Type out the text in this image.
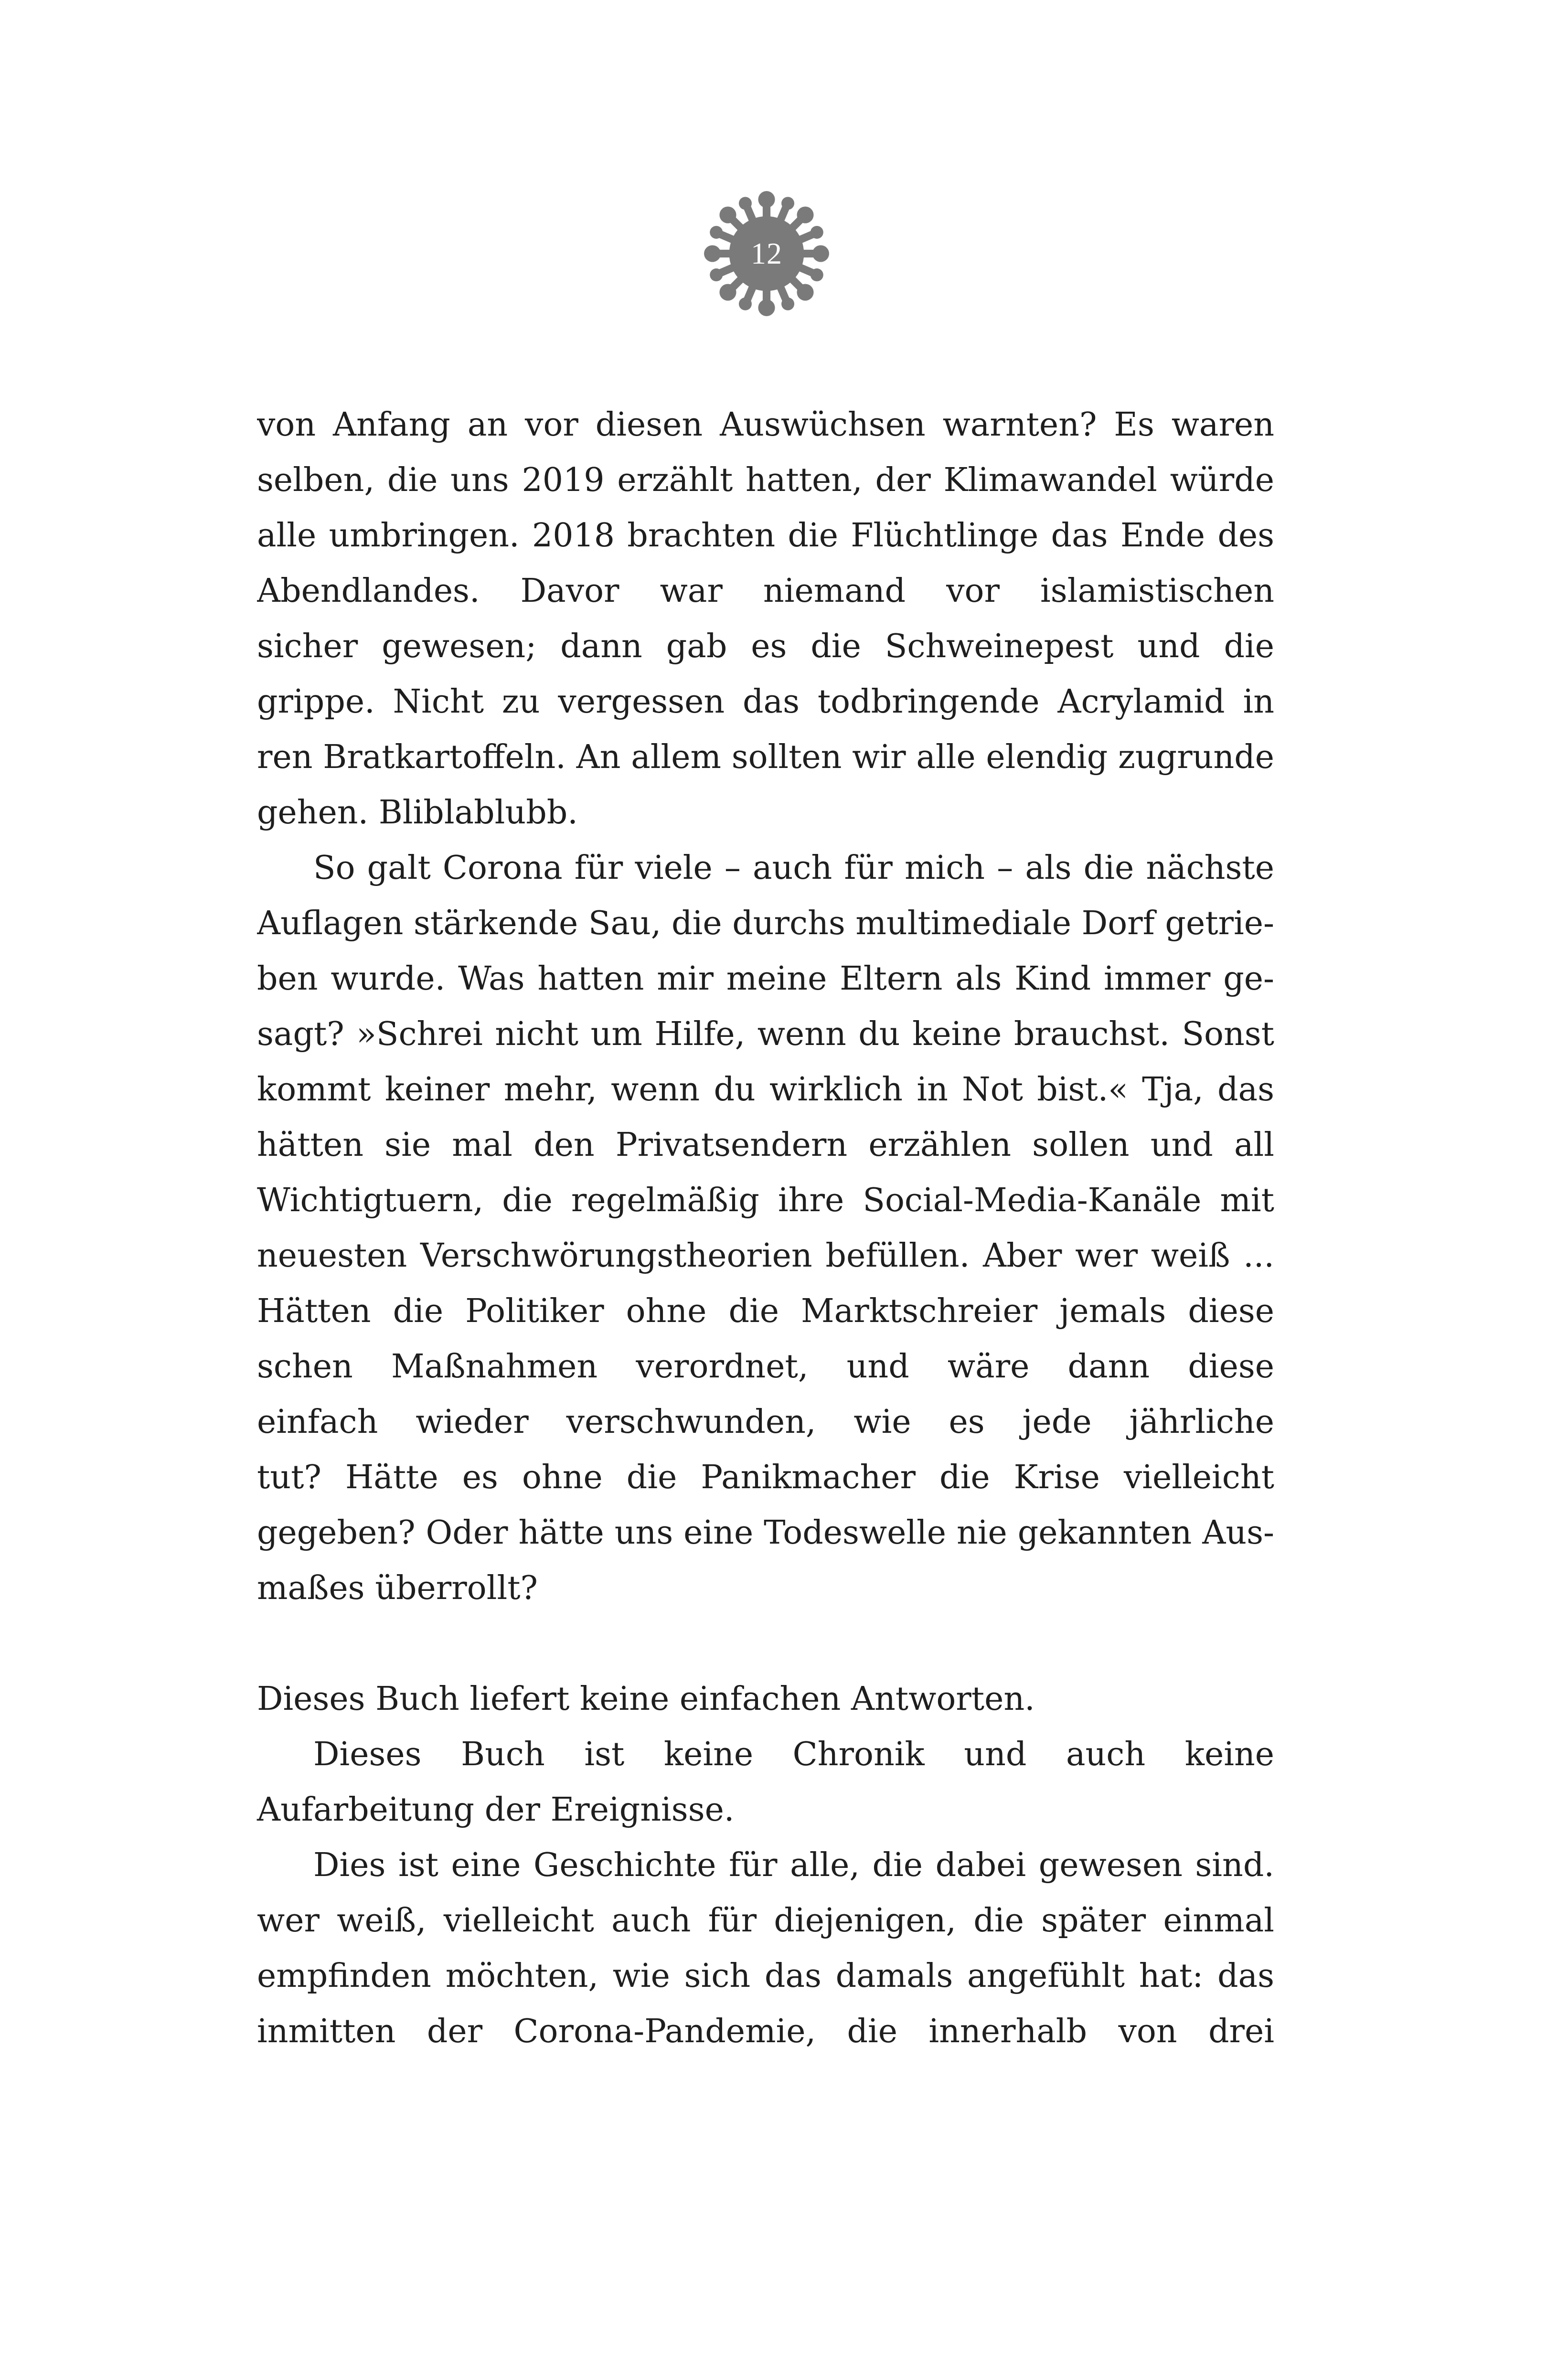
12
von Anfang an vor diesen Auswüchsen warnten? Es waren
selben, die uns 2019 erzählt hatten, der Klimawandel würde
alle umbringen. 2018 brachten die Flüchtlinge das Ende des
Abendlandes. Davor war niemand vor islamistischen
sicher gewesen; dann gab es die Schweinepest und die
grippe. Nicht zu vergessen das todbringende Acrylamid in
ren Bratkartoffeln. An allem sollten wir alle elendig zugrunde
gehen. Bliblablubb.
So galt Corona für viele – auch für mich – als die nächste
Auflagen stärkende Sau, die durchs multimediale Dorf getrie-
ben wurde. Was hatten mir meine Eltern als Kind immer ge-
sagt? »Schrei nicht um Hilfe, wenn du keine brauchst. Sonst
kommt keiner mehr, wenn du wirklich in Not bist.« Tja, das
hätten sie mal den Privatsendern erzählen sollen und all
Wichtigtuern, die regelmäßig ihre Social-Media-Kanäle mit
neuesten Verschwörungstheorien befüllen. Aber wer weiß ...
Hätten die Politiker ohne die Marktschreier jemals diese
schen Maßnahmen verordnet, und wäre dann diese
einfach wieder verschwunden, wie es jede jährliche
tut? Hätte es ohne die Panikmacher die Krise vielleicht
gegeben? Oder hätte uns eine Todeswelle nie gekannten Aus-
maßes überrollt?
Dieses Buch liefert keine einfachen Antworten.
Dieses Buch ist keine Chronik und auch keine
Aufarbeitung der Ereignisse.
Dies ist eine Geschichte für alle, die dabei gewesen sind.
wer weiß, vielleicht auch für diejenigen, die später einmal
empfinden möchten, wie sich das damals angefühlt hat: das
inmitten der Corona-Pandemie, die innerhalb von drei
